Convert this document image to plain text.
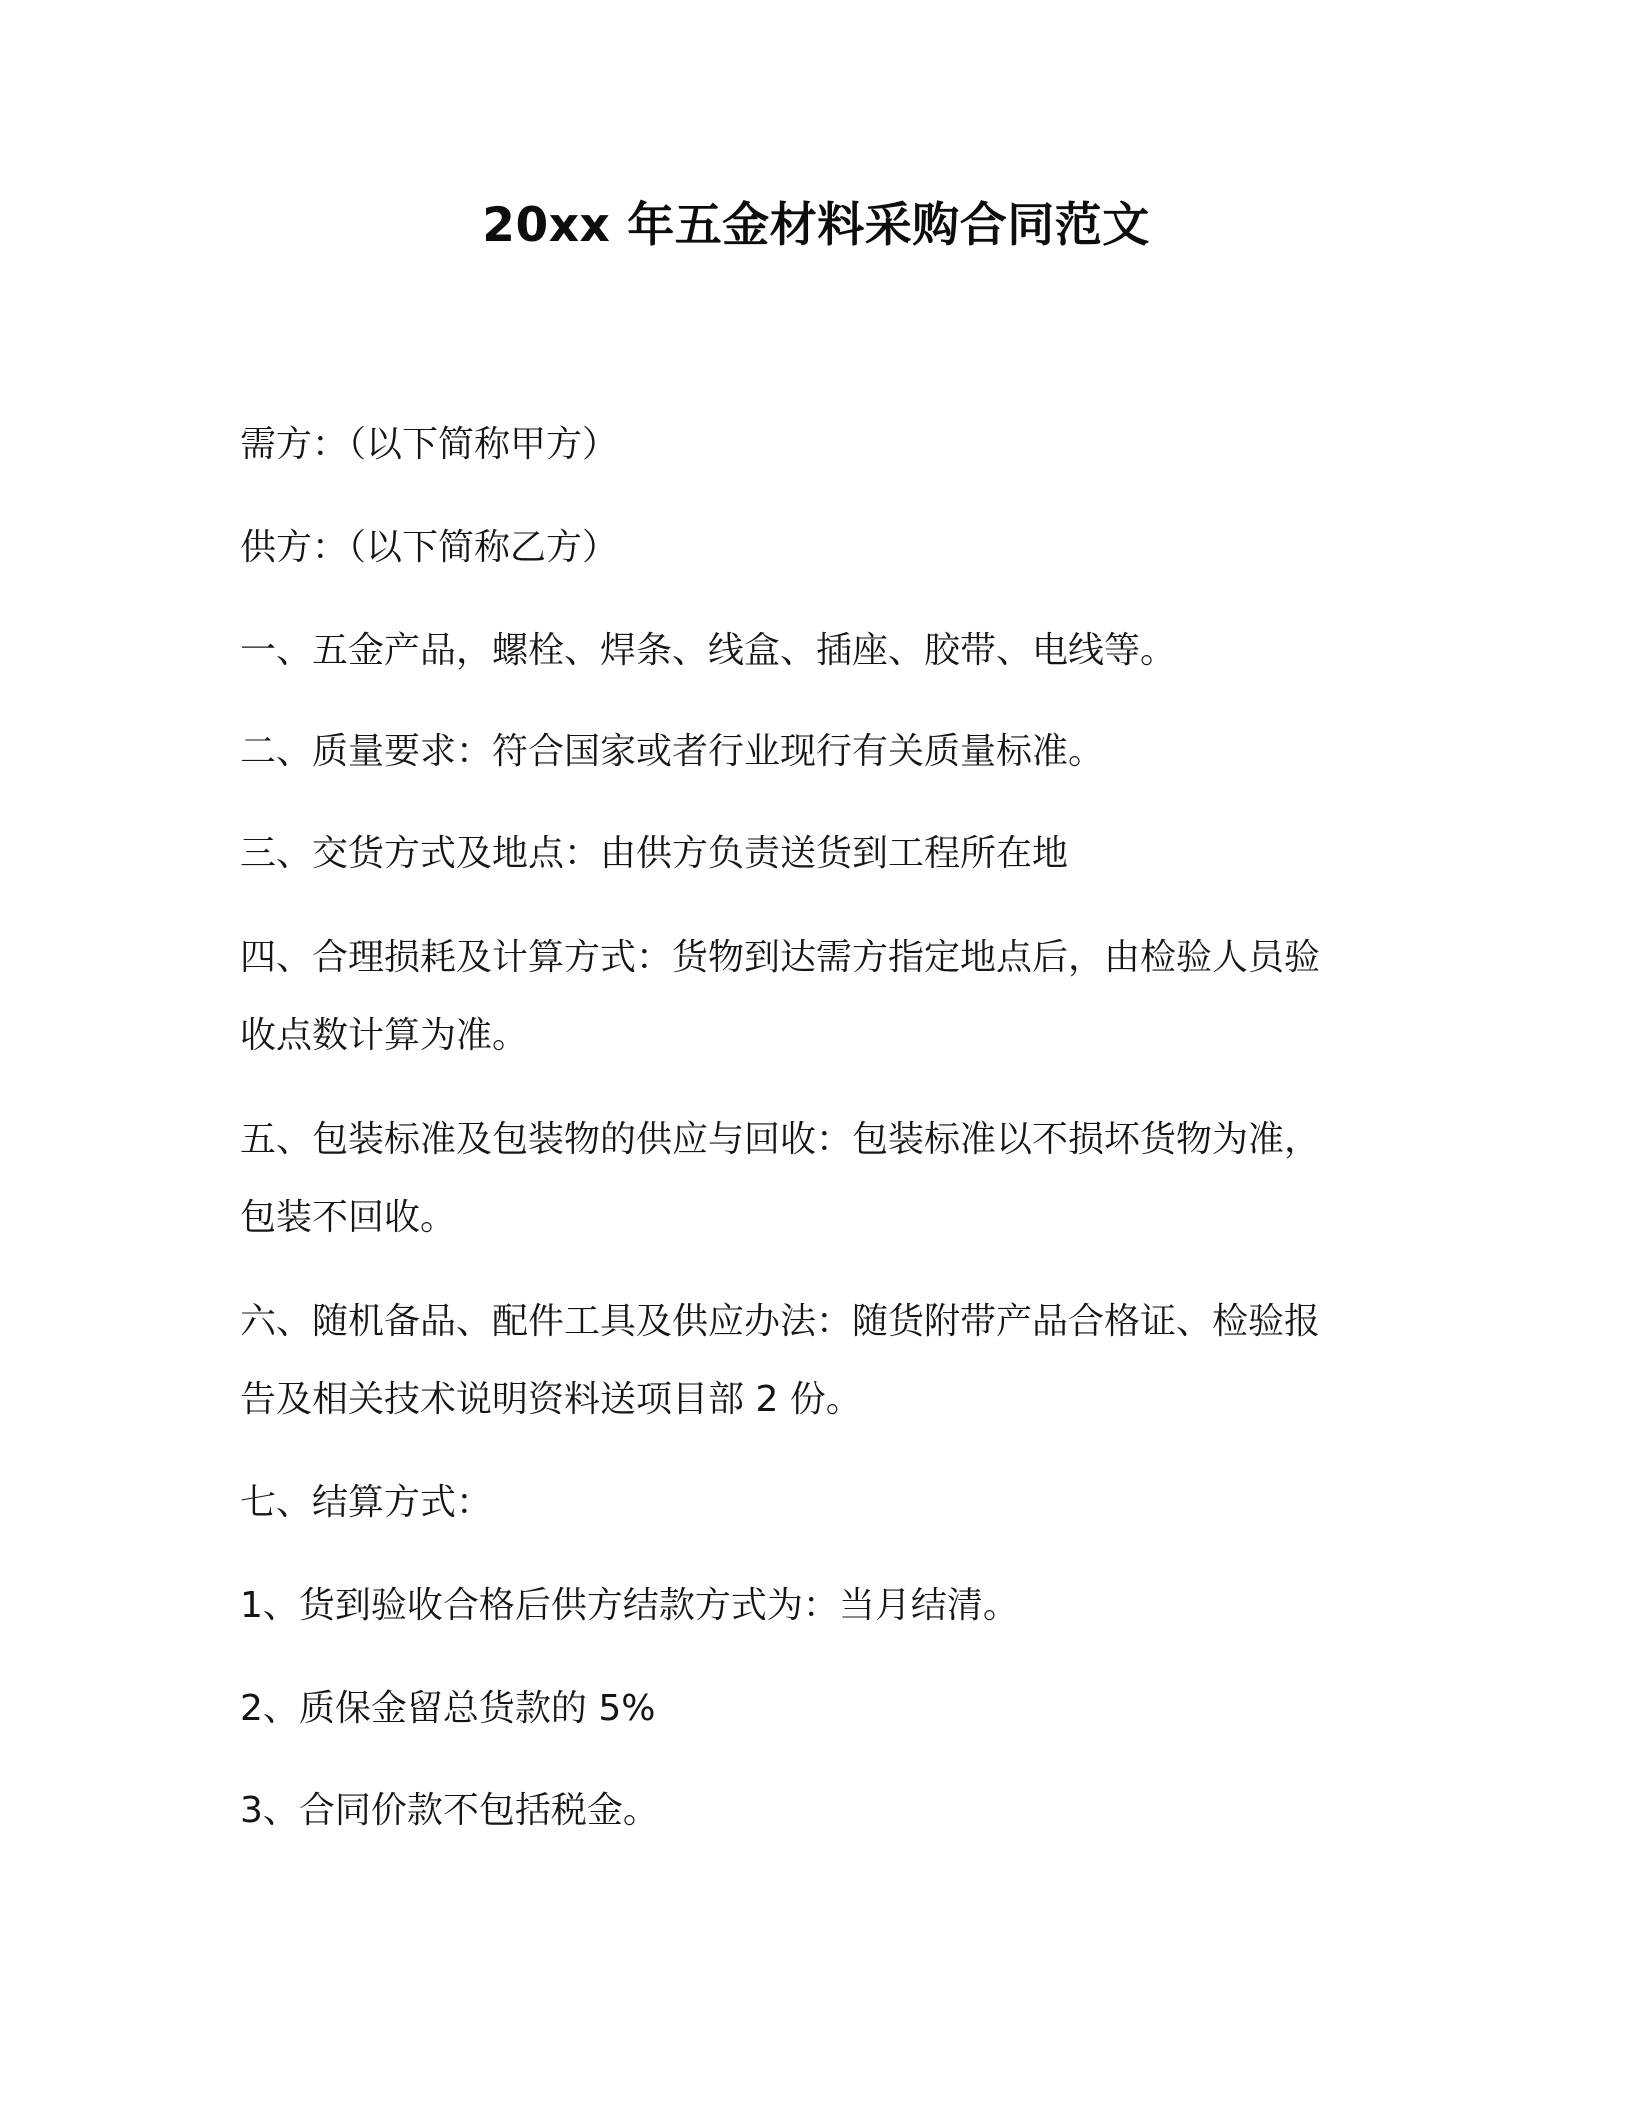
20xx 年五金材料采购合同范文
需方：（以下简称甲方）
供方：（以下简称乙方）
一、五金产品，螺栓、焊条、线盒、插座、胶带、电线等。
二、质量要求：符合国家或者行业现行有关质量标准。
三、交货方式及地点：由供方负责送货到工程所在地
四、合理损耗及计算方式：货物到达需方指定地点后，由检验人员验
收点数计算为准。
五、包装标准及包装物的供应与回收：包装标准以不损坏货物为准，
包装不回收。
六、随机备品、配件工具及供应办法：随货附带产品合格证、检验报
告及相关技术说明资料送项目部 2 份。
七、结算方式：
1、货到验收合格后供方结款方式为：当月结清。
2、质保金留总货款的 5%
3、合同价款不包括税金。
